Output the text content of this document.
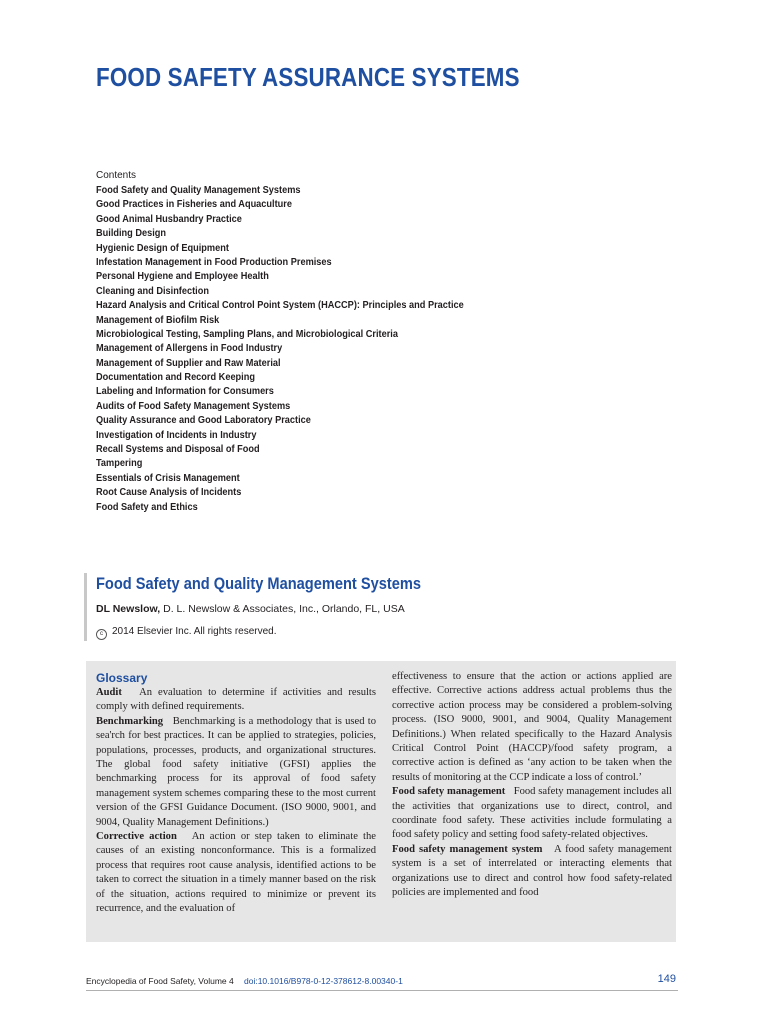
FOOD SAFETY ASSURANCE SYSTEMS
Contents
Food Safety and Quality Management Systems
Good Practices in Fisheries and Aquaculture
Good Animal Husbandry Practice
Building Design
Hygienic Design of Equipment
Infestation Management in Food Production Premises
Personal Hygiene and Employee Health
Cleaning and Disinfection
Hazard Analysis and Critical Control Point System (HACCP): Principles and Practice
Management of Biofilm Risk
Microbiological Testing, Sampling Plans, and Microbiological Criteria
Management of Allergens in Food Industry
Management of Supplier and Raw Material
Documentation and Record Keeping
Labeling and Information for Consumers
Audits of Food Safety Management Systems
Quality Assurance and Good Laboratory Practice
Investigation of Incidents in Industry
Recall Systems and Disposal of Food
Tampering
Essentials of Crisis Management
Root Cause Analysis of Incidents
Food Safety and Ethics
Food Safety and Quality Management Systems
DL Newslow, D. L. Newslow & Associates, Inc., Orlando, FL, USA
c 2014 Elsevier Inc. All rights reserved.
Glossary

Audit   An evaluation to determine if activities and results comply with defined requirements.

Benchmarking   Benchmarking is a methodology that is used to sea'rch for best practices. It can be applied to strategies, policies, populations, processes, products, and organizational structures. The global food safety initiative (GFSI) applies the benchmarking process for its approval of food safety management system schemes comparing these to the most current version of the GFSI Guidance Document. (ISO 9000, 9001, and 9004, Quality Management Definitions.)

Corrective action   An action or step taken to eliminate the causes of an existing nonconformance. This is a formalized process that requires root cause analysis, identified actions to be taken to correct the situation in a timely manner based on the risk of the situation, actions required to minimize or prevent its recurrence, and the evaluation of

effectiveness to ensure that the action or actions applied are effective. Corrective actions address actual problems thus the corrective action process may be considered a problem-solving process. (ISO 9000, 9001, and 9004, Quality Management Definitions.) When related specifically to the Hazard Analysis Critical Control Point (HACCP)/food safety program, a corrective action is defined as ‘any action to be taken when the results of monitoring at the CCP indicate a loss of control.’

Food safety management   Food safety management includes all the activities that organizations use to direct, control, and coordinate food safety. These activities include formulating a food safety policy and setting food safety-related objectives.

Food safety management system   A food safety management system is a set of interrelated or interacting elements that organizations use to direct and control how food safety-related policies are implemented and food

Encyclopedia of Food Safety, Volume 4 doi:10.1016/B978-0-12-378612-8.00340-1	149
